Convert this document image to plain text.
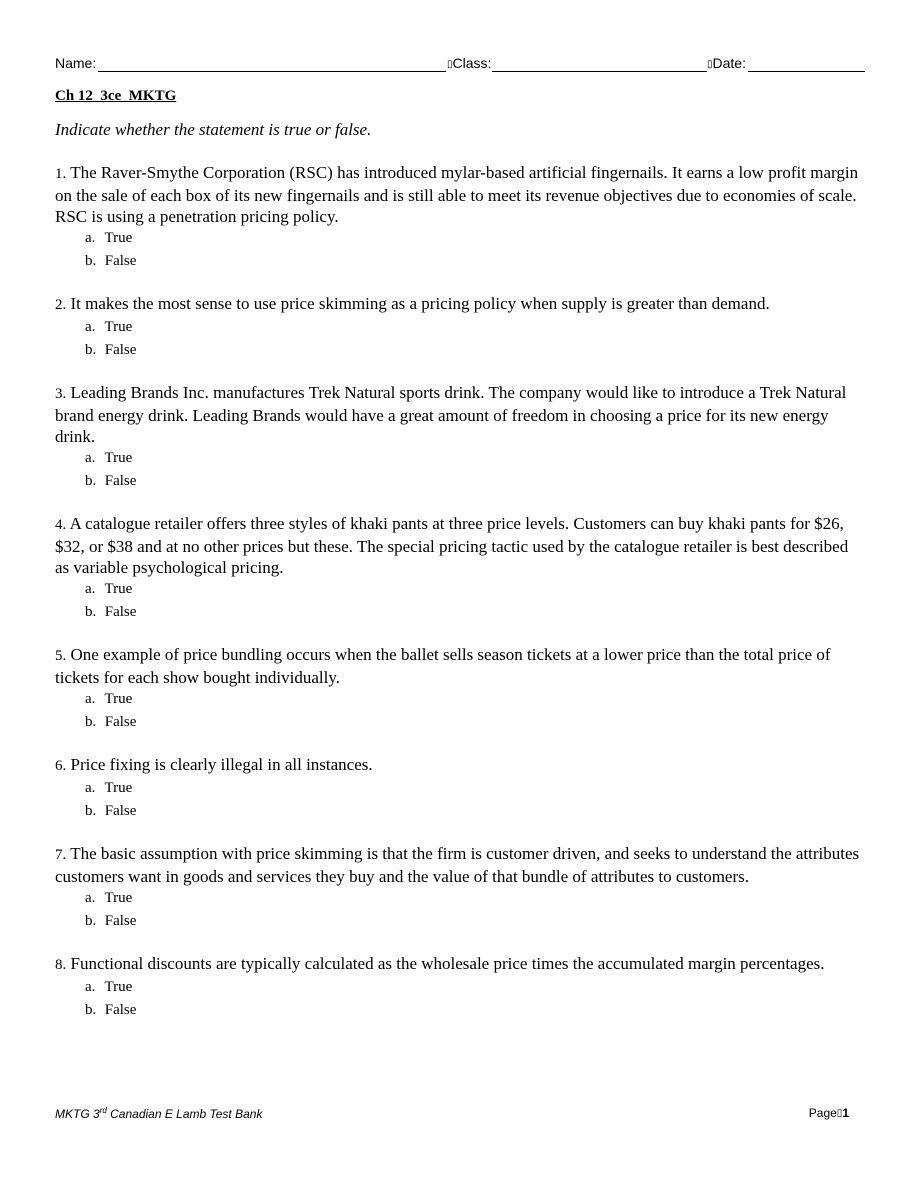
Name:	▯Class:	▯Date:
Ch 12_3ce_MKTG
Indicate whether the statement is true or false.
1. The Raver-Smythe Corporation (RSC) has introduced mylar-based artificial fingernails. It earns a low profit margin on the sale of each box of its new fingernails and is still able to meet its revenue objectives due to economies of scale. RSC is using a penetration pricing policy.
a. True
b. False
2. It makes the most sense to use price skimming as a pricing policy when supply is greater than demand.
a. True
b. False
3. Leading Brands Inc. manufactures Trek Natural sports drink. The company would like to introduce a Trek Natural brand energy drink. Leading Brands would have a great amount of freedom in choosing a price for its new energy drink.
a. True
b. False
4. A catalogue retailer offers three styles of khaki pants at three price levels. Customers can buy khaki pants for $26, $32, or $38 and at no other prices but these. The special pricing tactic used by the catalogue retailer is best described as variable psychological pricing.
a. True
b. False
5. One example of price bundling occurs when the ballet sells season tickets at a lower price than the total price of tickets for each show bought individually.
a. True
b. False
6. Price fixing is clearly illegal in all instances.
a. True
b. False
7. The basic assumption with price skimming is that the firm is customer driven, and seeks to understand the attributes customers want in goods and services they buy and the value of that bundle of attributes to customers.
a. True
b. False
8. Functional discounts are typically calculated as the wholesale price times the accumulated margin percentages.
a. True
b. False
MKTG 3rd Canadian E Lamb Test Bank	Page▯1
